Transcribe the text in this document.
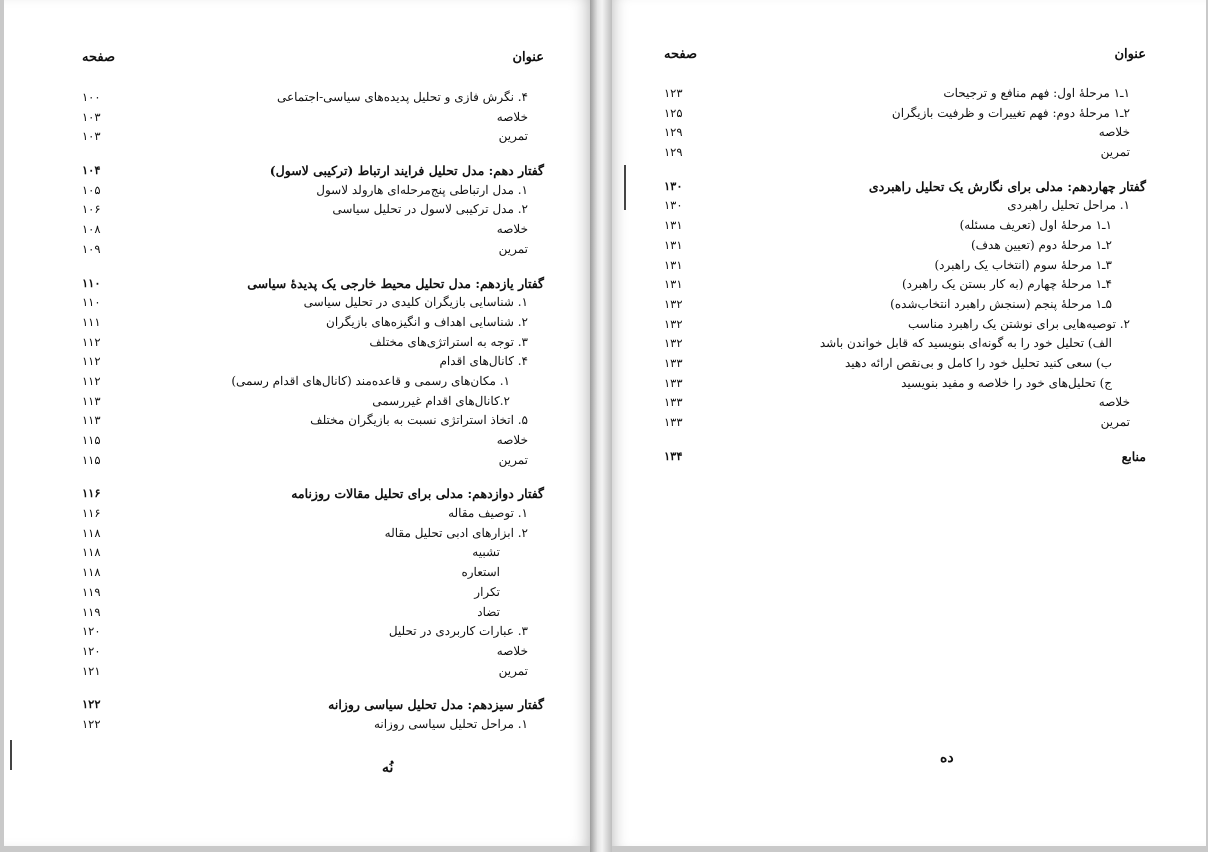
عنوان
صفحه
۴. نگرش فازی و تحلیل پدیده‌های سیاسی-اجتماعی
۱۰۰
خلاصه
۱۰۳
تمرین
۱۰۳
گفتار دهم: مدل تحلیل فرایند ارتباط (ترکیبی لاسول)
۱۰۴
۱. مدل ارتباطی پنج‌مرحله‌ای هارولد لاسول
۱۰۵
۲. مدل ترکیبی لاسول در تحلیل سیاسی
۱۰۶
خلاصه
۱۰۸
تمرین
۱۰۹
گفتار یازدهم: مدل تحلیل محیط خارجی یک پدیدهٔ سیاسی
۱۱۰
۱. شناسایی بازیگران کلیدی در تحلیل سیاسی
۱۱۰
۲. شناسایی اهداف و انگیزه‌های بازیگران
۱۱۱
۳. توجه به استراتژی‌های مختلف
۱۱۲
۴. کانال‌های اقدام
۱۱۲
۱. مکان‌های رسمی و قاعده‌مند (کانال‌های اقدام رسمی)
۱۱۲
۲.کانال‌های اقدام غیررسمی
۱۱۳
۵. اتخاذ استراتژی نسبت به بازیگران مختلف
۱۱۳
خلاصه
۱۱۵
تمرین
۱۱۵
گفتار دوازدهم: مدلی برای تحلیل مقالات روزنامه
۱۱۶
۱. توصیف مقاله
۱۱۶
۲. ابزارهای ادبی تحلیل مقاله
۱۱۸
تشبیه
۱۱۸
استعاره
۱۱۸
تکرار
۱۱۹
تضاد
۱۱۹
۳. عبارات کاربردی در تحلیل
۱۲۰
خلاصه
۱۲۰
تمرین
۱۲۱
گفتار سیزدهم: مدل تحلیل سیاسی روزانه
۱۲۲
۱. مراحل تحلیل سیاسی روزانه
۱۲۲
نُه
عنوان
صفحه
۱ـ۱ مرحلهٔ اول: فهم منافع و ترجیحات
۱۲۳
۲ـ۱ مرحلهٔ دوم: فهم تغییرات و ظرفیت بازیگران
۱۲۵
خلاصه
۱۲۹
تمرین
۱۲۹
گفتار چهاردهم: مدلی برای نگارش یک تحلیل راهبردی
۱۳۰
۱. مراحل تحلیل راهبردی
۱۳۰
۱ـ۱ مرحلهٔ اول (تعریف مسئله)
۱۳۱
۲ـ۱ مرحلهٔ دوم (تعیین هدف)
۱۳۱
۳ـ۱ مرحلهٔ سوم (انتخاب یک راهبرد)
۱۳۱
۴ـ۱ مرحلهٔ چهارم (به کار بستن یک راهبرد)
۱۳۱
۵ـ۱ مرحلهٔ پنجم (سنجش راهبرد انتخاب‌شده)
۱۳۲
۲. توصیه‌هایی برای نوشتن یک راهبرد مناسب
۱۳۲
الف) تحلیل خود را به گونه‌ای بنویسید که قابل خواندن باشد
۱۳۲
ب) سعی کنید تحلیل خود را کامل و بی‌نقص ارائه دهید
۱۳۳
ج) تحلیل‌های خود را خلاصه و مفید بنویسید
۱۳۳
خلاصه
۱۳۳
تمرین
۱۳۳
منابع
۱۳۴
ده
